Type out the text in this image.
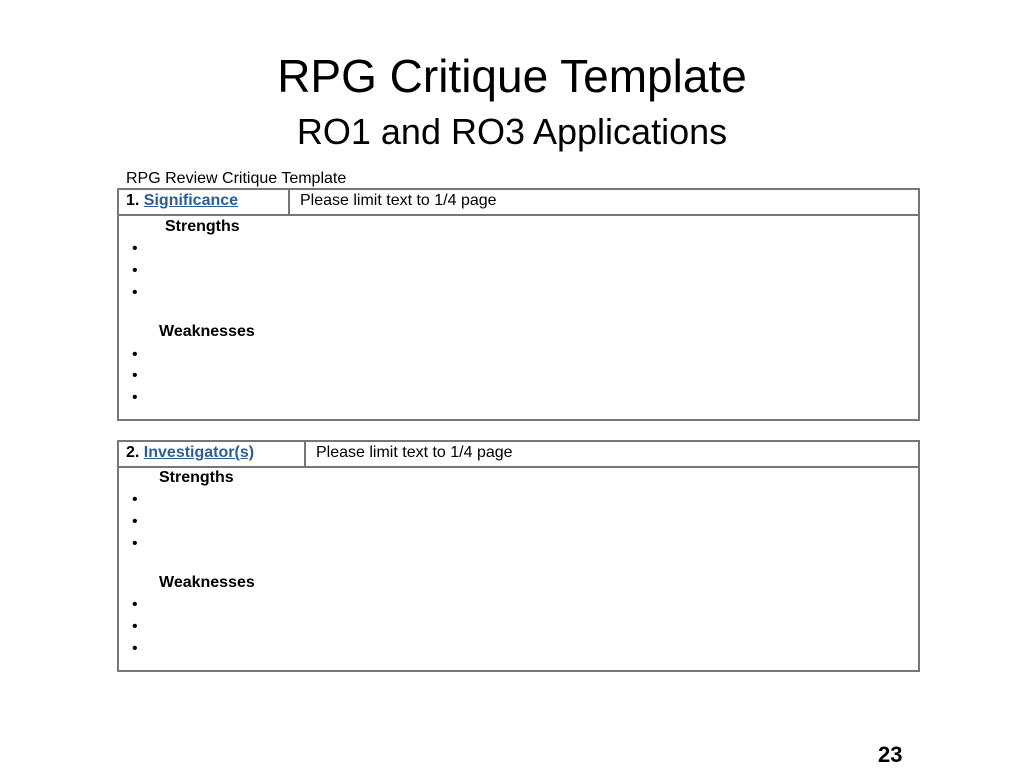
RPG Critique Template
RO1 and RO3 Applications
RPG Review Critique Template
1. Significance	Please limit text to 1/4 page
Strengths
•
•
•
Weaknesses
•
•
•
2. Investigator(s)	Please limit text to 1/4 page
Strengths
•
•
•
Weaknesses
•
•
•
23
